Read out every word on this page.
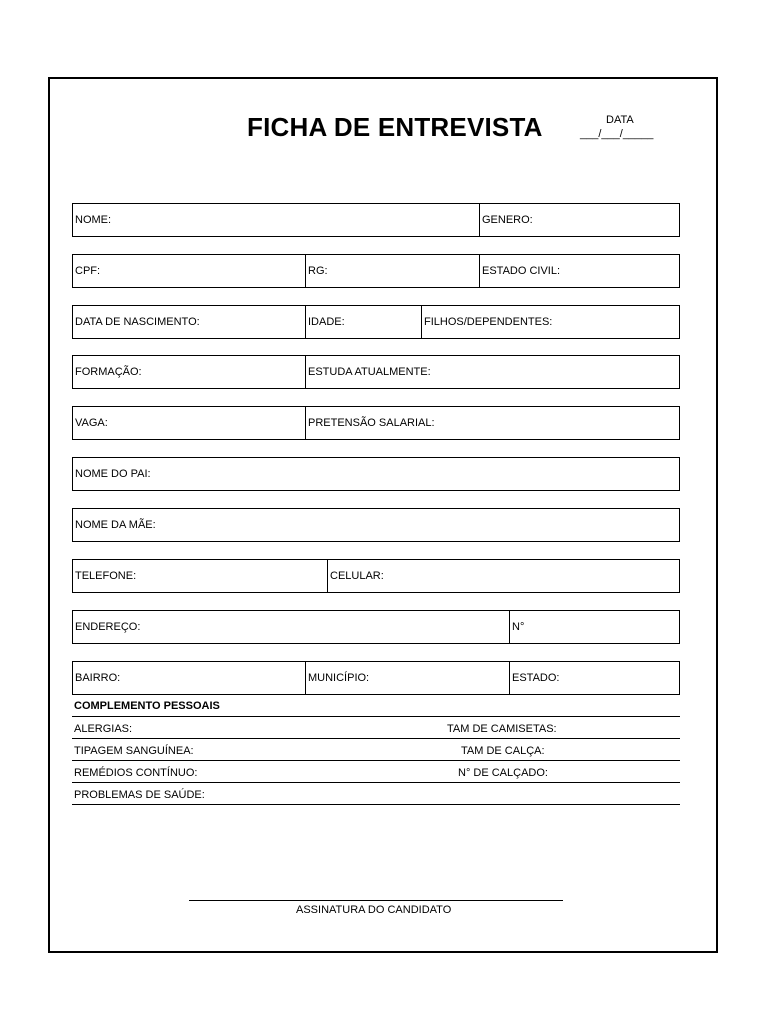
FICHA DE ENTREVISTA	DATA
___/___/_____
NOME:	GENERO:
CPF:	RG:	ESTADO CIVIL:
DATA DE NASCIMENTO:	IDADE:	FILHOS/DEPENDENTES:
FORMAÇÃO:	ESTUDA ATUALMENTE:
VAGA:	PRETENSÃO SALARIAL:
NOME DO PAI:
NOME DA MÃE:
TELEFONE:	CELULAR:
ENDEREÇO:	N°
BAIRRO:	MUNICÍPIO:	ESTADO:
COMPLEMENTO PESSOAIS
ALERGIAS:	TAM DE CAMISETAS:
TIPAGEM SANGUÍNEA:	TAM DE CALÇA:
REMÉDIOS CONTÍNUO:	N° DE CALÇADO:
PROBLEMAS DE SAÚDE:
ASSINATURA DO CANDIDATO
